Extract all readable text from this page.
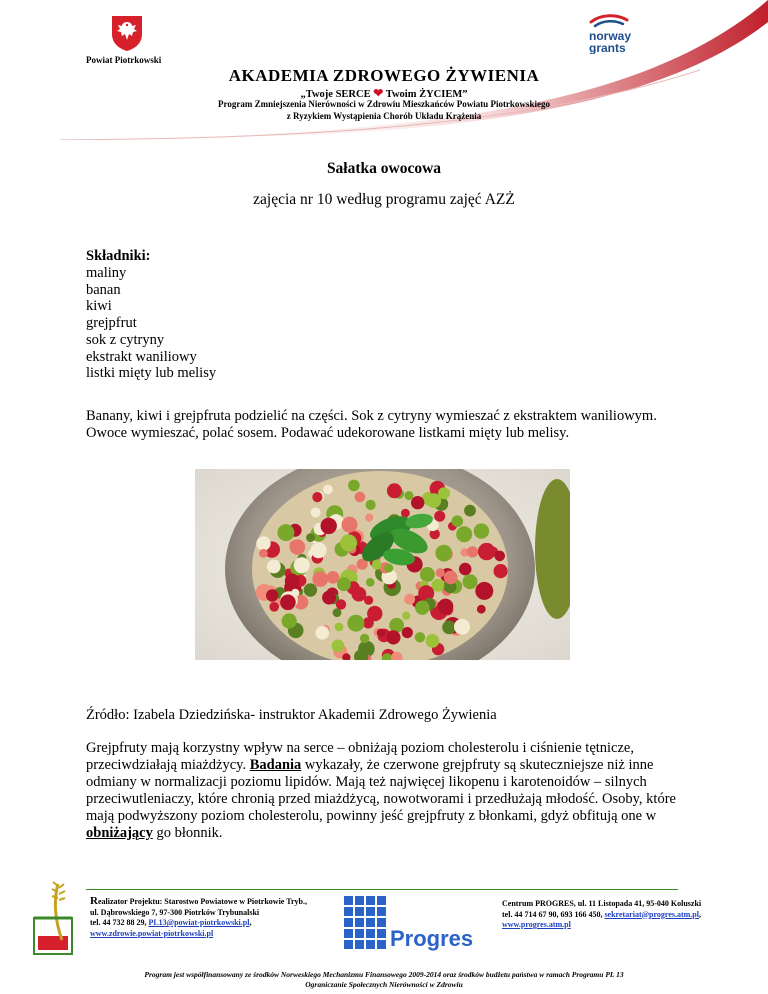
Powiat Piotrkowski
norway
grants
AKADEMIA ZDROWEGO ŻYWIENIA
„Twoje SERCE ❤ Twoim ŻYCIEM”
Program Zmniejszenia Nierówności w Zdrowiu Mieszkańców Powiatu Piotrkowskiego
z Ryzykiem Wystąpienia Chorób Układu Krążenia
Sałatka owocowa
zajęcia nr 10 według programu zajęć AZŻ
Składniki:
maliny
banan
kiwi
grejpfrut
sok z cytryny
ekstrakt waniliowy
listki mięty lub melisy
Banany, kiwi i grejpfruta podzielić na części. Sok z cytryny wymieszać z ekstraktem waniliowym. Owoce wymieszać, polać sosem. Podawać udekorowane listkami mięty lub melisy.
Źródło: Izabela Dziedzińska- instruktor Akademii Zdrowego Żywienia
Grejpfruty mają korzystny wpływ na serce – obniżają poziom cholesterolu i ciśnienie tętnicze, przeciwdziałają miażdżycy. Badania wykazały, że czerwone grejpfruty są skuteczniejsze niż inne odmiany w normalizacji poziomu lipidów. Mają też najwięcej likopenu i karotenoidów – silnych przeciwutleniaczy, które chronią przed miażdżycą, nowotworami i przedłużają młodość. Osoby, które mają podwyższony poziom cholesterolu, powinny jeść grejpfruty z błonkami, gdyż obfitują one w obniżający go błonnik.
Realizator Projektu: Starostwo Powiatowe w Piotrkowie Tryb.,
ul. Dąbrowskiego 7, 97-300 Piotrków Trybunalski
tel. 44 732 88 29, PL13@powiat-piotrkowski.pl,
www.zdrowie.powiat-piotrkowski.pl	Progres
Centrum PROGRES, ul. 11 Listopada 41, 95-040 Koluszki
tel. 44 714 67 90, 693 166 450, sekretariat@progres.atm.pl,
www.progres.atm.pl
Program jest współfinansowany ze środków Norweskiego Mechanizmu Finansowego 2009-2014 oraz środków budżetu państwa w ramach Programu PL 13
Ograniczanie Społecznych Nierówności w Zdrowiu
